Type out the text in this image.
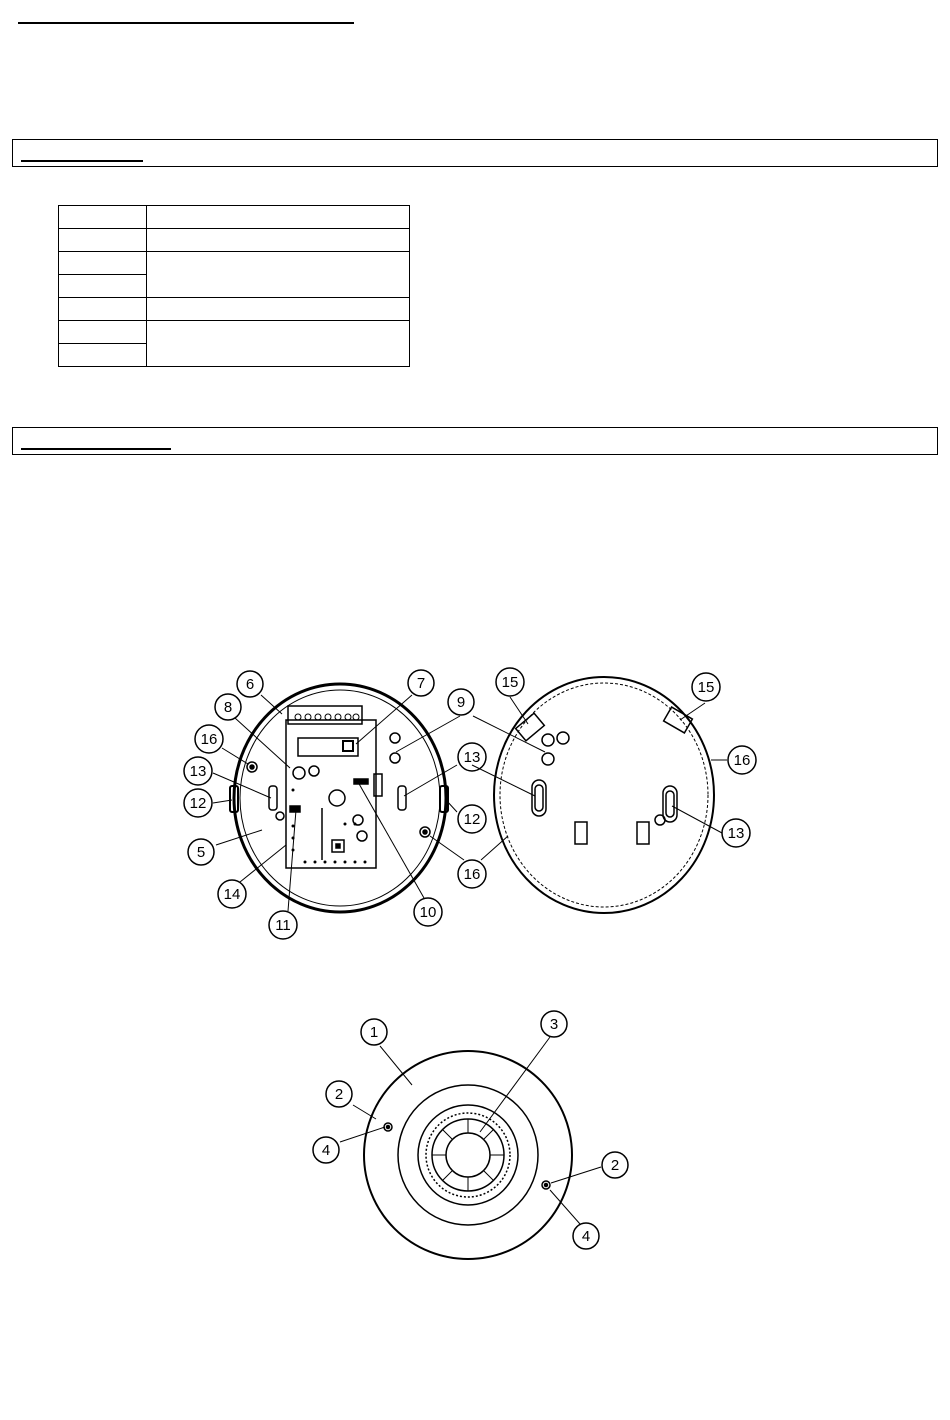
6	7
8	9
16
13
12
5
14
11
10
12
16
13
15	15
16
13
1
2
3
4
2
4
